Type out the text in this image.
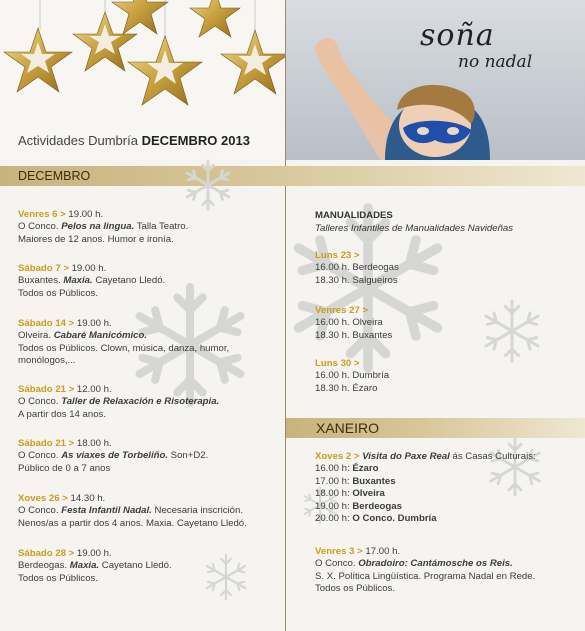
Actividades Dumbría DECEMBRO 2013
soña
no nadal
DECEMBRO
XANEIRO
Venres 6 > 19.00 h.
O Conco. Pelos na lingua. Talla Teatro.
Maiores de 12 anos. Humor e ironía.
Sábado 7 > 19.00 h.
Buxantes. Maxia. Cayetano Lledó.
Todos os Públicos.
Sábado 14 > 19.00 h.
Olveira. Cabaré Manicómico.
Todos os Públicos. Clown, música, danza, humor,
monólogos,...
Sábado 21 > 12.00 h.
O Conco. Taller de Relaxación e Risoterapia.
A partir dos 14 anos.
Sábado 21 > 18.00 h.
O Conco. As viaxes de Torbeliño. Son+D2.
Público de 0 a 7 anos
Xoves 26 > 14.30 h.
O Conco. Festa Infantil Nadal. Necesaria inscrición.
Nenos/as a partir dos 4 anos. Maxia. Cayetano Lledó.
Sábado 28 > 19.00 h.
Berdeogas. Maxia. Cayetano Lledó.
Todos os Públicos.
MANUALIDADES
Talleres Infantiles de Manualidades Navideñas
Luns 23 >
16.00 h. Berdeogas
18.30 h. Salgueiros
Venres 27 >
16.00 h. Olveira
18.30 h. Buxantes
Luns 30 >
16.00 h. Dumbría
18.30 h. Ézaro
Xoves 2 > Visita do Paxe Real ás Casas Culturais:
16.00 h: Ézaro
17.00 h: Buxantes
18.00 h: Olveira
19.00 h: Berdeogas
20.00 h: O Conco. Dumbría
Venres 3 > 17.00 h.
O Conco. Obradoiro: Cantámosche os Reis.
S. X. Política Lingüística. Programa Nadal en Rede.
Todos os Públicos.
